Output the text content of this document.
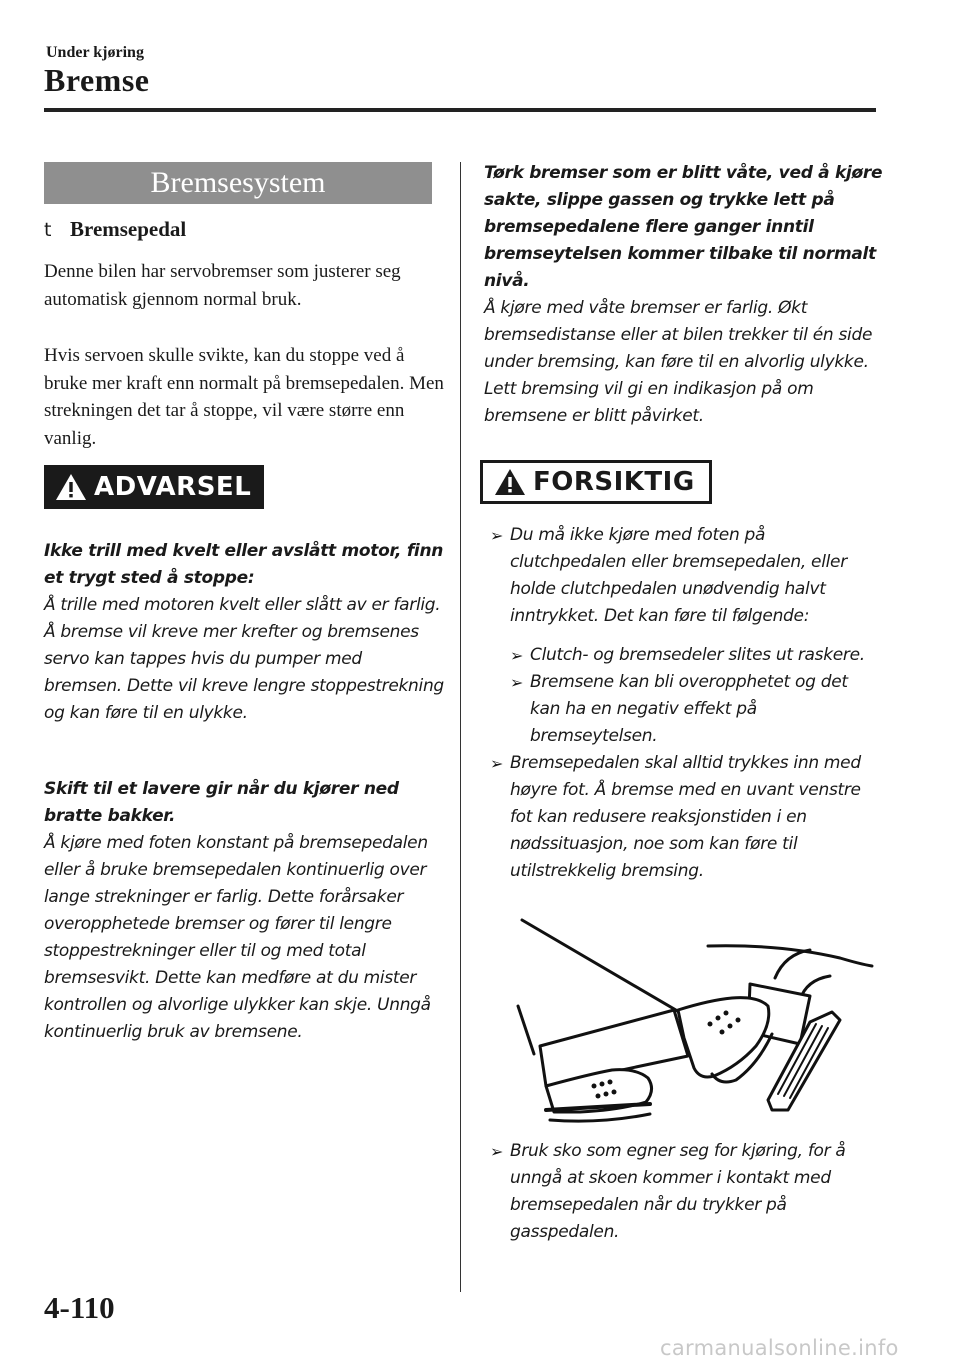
Under kjøring
Bremse
Bremsesystem
t Bremsepedal

Denne bilen har servobremser som justerer seg automatisk gjennom normal bruk.

Hvis servoen skulle svikte, kan du stoppe ved å bruke mer kraft enn normalt på bremsepedalen. Men strekningen det tar å stoppe, vil være større enn vanlig.

ADVARSEL

Ikke trill med kvelt eller avslått motor, finn et trygt sted å stoppe:

Å trille med motoren kvelt eller slått av er farlig. Å bremse vil kreve mer krefter og bremsenes servo kan tappes hvis du pumper med bremsen. Dette vil kreve lengre stoppestrekning og kan føre til en ulykke.

Skift til et lavere gir når du kjører ned bratte bakker.

Å kjøre med foten konstant på bremsepedalen eller å bruke bremsepedalen kontinuerlig over lange strekninger er farlig. Dette forårsaker overopphetede bremser og fører til lengre stoppestrekninger eller til og med total bremsesvikt. Dette kan medføre at du mister kontrollen og alvorlige ulykker kan skje. Unngå kontinuerlig bruk av bremsene.

Tørk bremser som er blitt våte, ved å kjøre sakte, slippe gassen og trykke lett på bremsepedalene flere ganger inntil bremseytelsen kommer tilbake til normalt nivå.

Å kjøre med våte bremser er farlig. Økt bremsedistanse eller at bilen trekker til én side under bremsing, kan føre til en alvorlig ulykke. Lett bremsing vil gi en indikasjon på om bremsene er blitt påvirket.

FORSIKTIG

➢ Du må ikke kjøre med foten på clutchpedalen eller bremsepedalen, eller holde clutchpedalen unødvendig halvt inntrykket. Det kan føre til følgende:

➢ Clutch- og bremsedeler slites ut raskere.

➢ Bremsene kan bli overopphetet og det kan ha en negativ effekt på bremseytelsen.

➢ Bremsepedalen skal alltid trykkes inn med høyre fot. Å bremse med en uvant venstre fot kan redusere reaksjonstiden i en nødssituasjon, noe som kan føre til utilstrekkelig bremsing.

➢ Bruk sko som egner seg for kjøring, for å unngå at skoen kommer i kontakt med bremsepedalen når du trykker på gasspedalen.

4-110
carmanualsonline.info
